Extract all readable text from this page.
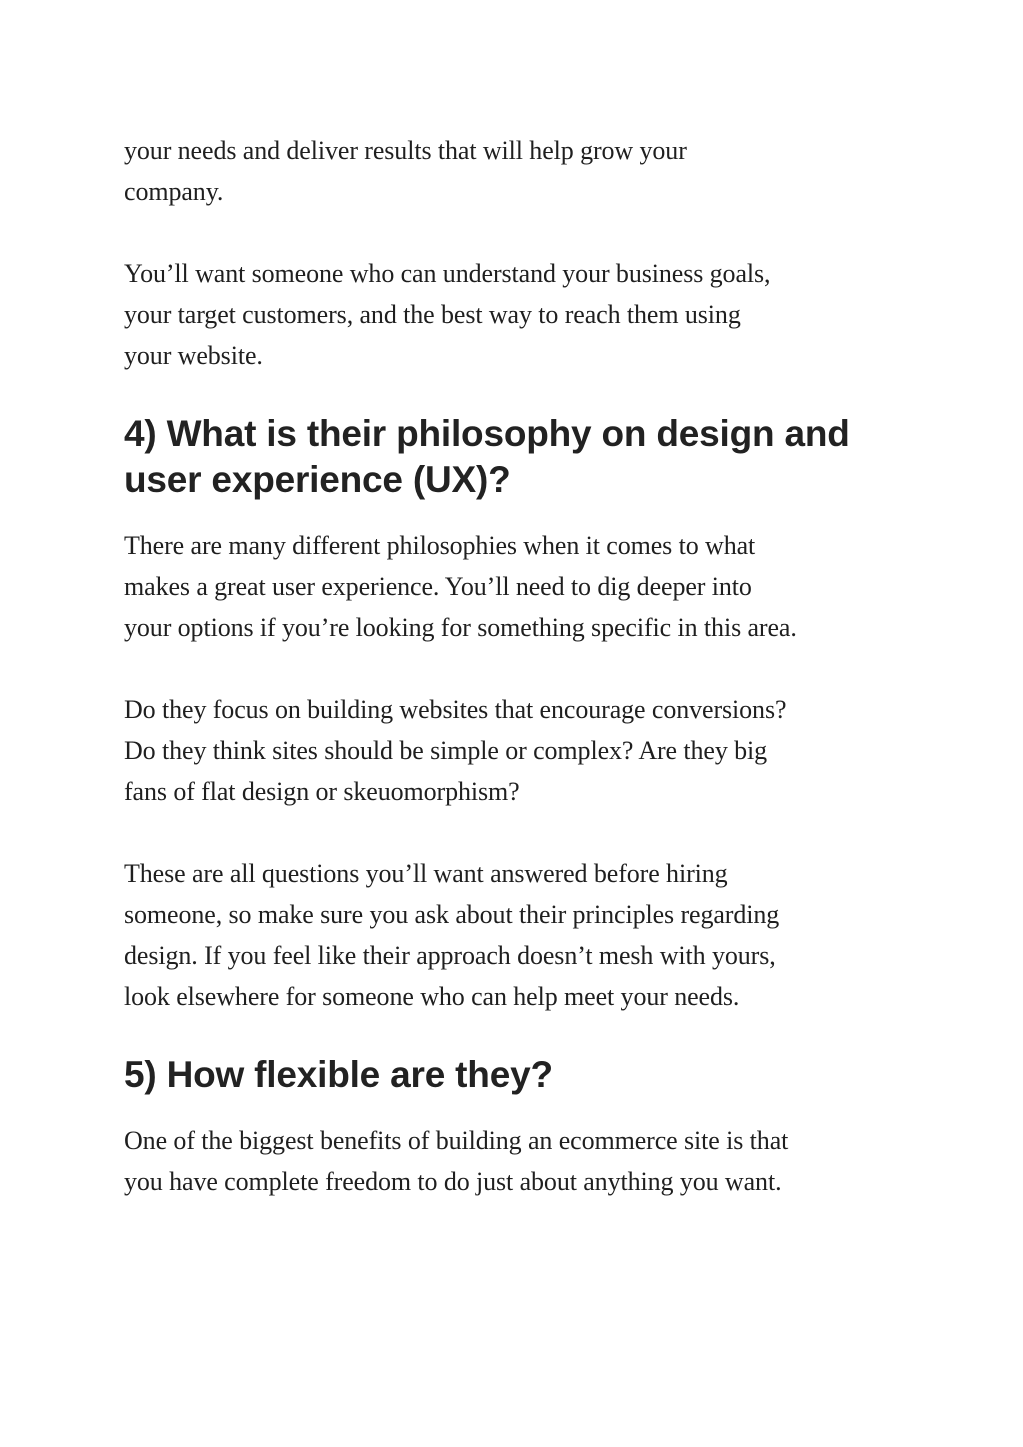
your needs and deliver results that will help grow your
company.

You’ll want someone who can understand your business goals,
your target customers, and the best way to reach them using
your website.

4) What is their philosophy on design and
user experience (UX)?

There are many different philosophies when it comes to what
makes a great user experience. You’ll need to dig deeper into
your options if you’re looking for something specific in this area.

Do they focus on building websites that encourage conversions?
Do they think sites should be simple or complex? Are they big
fans of flat design or skeuomorphism?

These are all questions you’ll want answered before hiring
someone, so make sure you ask about their principles regarding
design. If you feel like their approach doesn’t mesh with yours,
look elsewhere for someone who can help meet your needs.

5) How flexible are they?

One of the biggest benefits of building an ecommerce site is that
you have complete freedom to do just about anything you want.
